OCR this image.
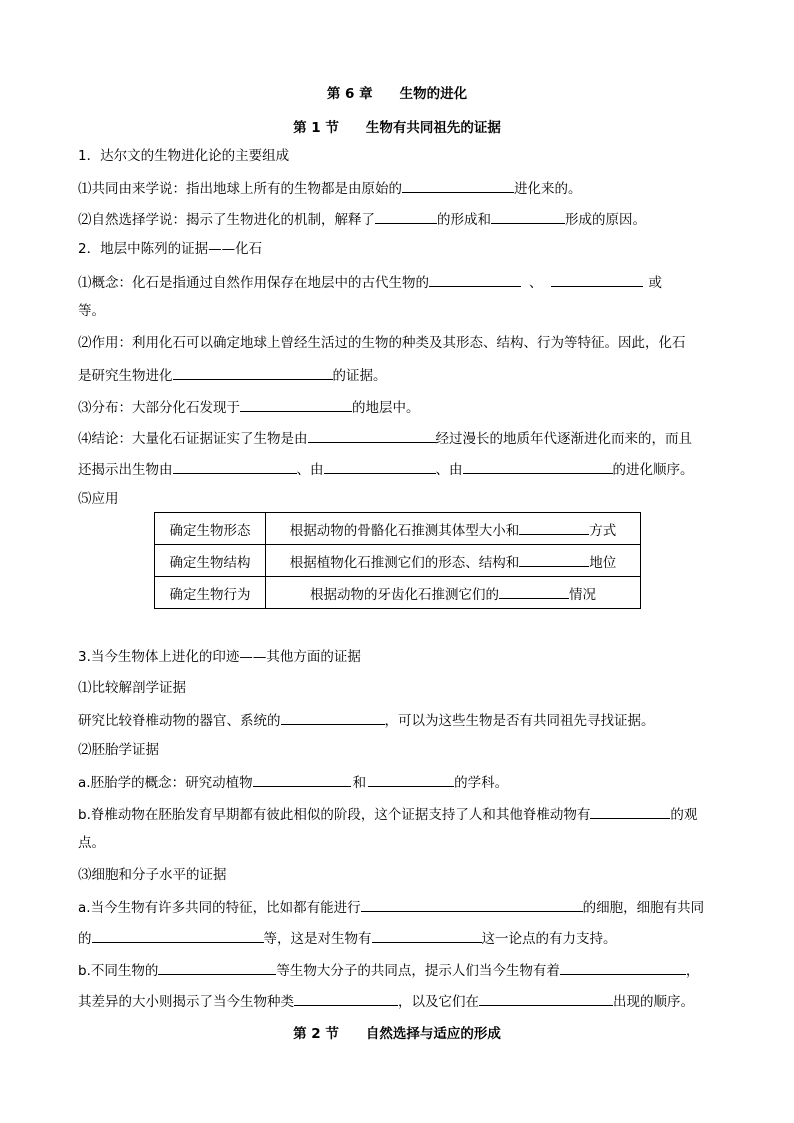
第 6 章　　生物的进化
第 1 节　　生物有共同祖先的证据
1．达尔文的生物进化论的主要组成
⑴共同由来学说：指出地球上所有的生物都是由原始的	进化来的。
⑵自然选择学说：揭示了生物进化的机制，解释了	的形成和	形成的原因。
2．地层中陈列的证据——化石
⑴概念：化石是指通过自然作用保存在地层中的古代生物的	、	或
等。
⑵作用：利用化石可以确定地球上曾经生活过的生物的种类及其形态、结构、行为等特征。因此，化石
是研究生物进化	的证据。
⑶分布：大部分化石发现于	的地层中。
⑷结论：大量化石证据证实了生物是由	经过漫长的地质年代逐渐进化而来的，而且
还揭示出生物由	、由	、由	的进化顺序。
⑸应用
确定生物形态	根据动物的骨骼化石推测其体型大小和 方式
确定生物结构	根据植物化石推测它们的形态、结构和 地位
确定生物行为	根据动物的牙齿化石推测它们的 情况
3.当今生物体上进化的印迹——其他方面的证据
⑴比较解剖学证据
研究比较脊椎动物的器官、系统的	，可以为这些生物是否有共同祖先寻找证据。
⑵胚胎学证据
a.胚胎学的概念：研究动植物	和	的学科。
b.脊椎动物在胚胎发育早期都有彼此相似的阶段，这个证据支持了人和其他脊椎动物有	的观
点。
⑶细胞和分子水平的证据
a.当今生物有许多共同的特征，比如都有能进行	的细胞，细胞有共同
的	等，这是对生物有	这一论点的有力支持。
b.不同生物的	等生物大分子的共同点，提示人们当今生物有着	，
其差异的大小则揭示了当今生物种类	，以及它们在	出现的顺序。
第 2 节　　自然选择与适应的形成
